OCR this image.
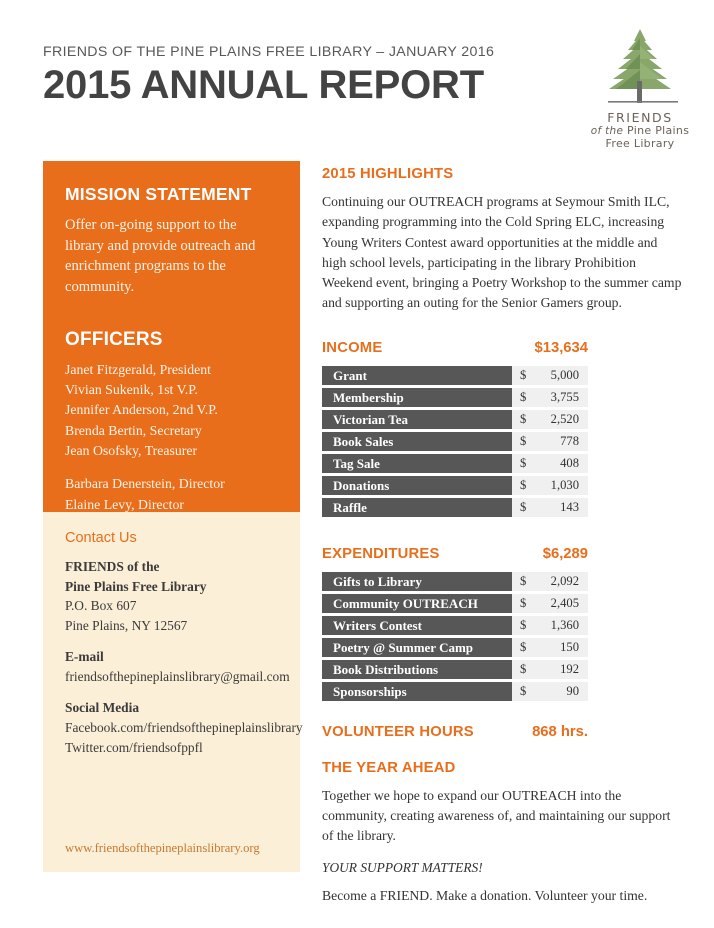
FRIENDS OF THE PINE PLAINS FREE LIBRARY – JANUARY 2016
2015 ANNUAL REPORT
FRIENDS
of the Pine Plains
Free Library
MISSION STATEMENT
Offer on-going support to the library and provide outreach and enrichment programs to the community.
OFFICERS
Janet Fitzgerald, President
Vivian Sukenik, 1st V.P.
Jennifer Anderson, 2nd V.P.
Brenda Bertin, Secretary
Jean Osofsky, Treasurer
Barbara Denerstein, Director
Elaine Levy, Director
Contact Us
FRIENDS of the
Pine Plains Free Library
P.O. Box 607
Pine Plains, NY 12567
E-mail
friendsofthepineplainslibrary@gmail.com
Social Media
Facebook.com/friendsofthepineplainslibrary
Twitter.com/friendsofppfl
www.friendsofthepineplainslibrary.org
2015 HIGHLIGHTS
Continuing our OUTREACH programs at Seymour Smith ILC, expanding programming into the Cold Spring ELC, increasing Young Writers Contest award opportunities at the middle and high school levels, participating in the library Prohibition Weekend event, bringing a Poetry Workshop to the summer camp and supporting an outing for the Senior Gamers group.
INCOME	$13,634
Grant	$ 5,000
Membership	$ 3,755
Victorian Tea	$ 2,520
Book Sales	$	778
Tag Sale	$	408
Donations	$ 1,030
Raffle	$	143
EXPENDITURES	$6,289
Gifts to Library	$ 2,092
Community OUTREACH	$ 2,405
Writers Contest	$ 1,360
Poetry @ Summer Camp	$	150
Book Distributions	$	192
Sponsorships	$	90
VOLUNTEER HOURS	868 hrs.
THE YEAR AHEAD
Together we hope to expand our OUTREACH into the community, creating awareness of, and maintaining our support of the library.
YOUR SUPPORT MATTERS!
Become a FRIEND. Make a donation. Volunteer your time.
